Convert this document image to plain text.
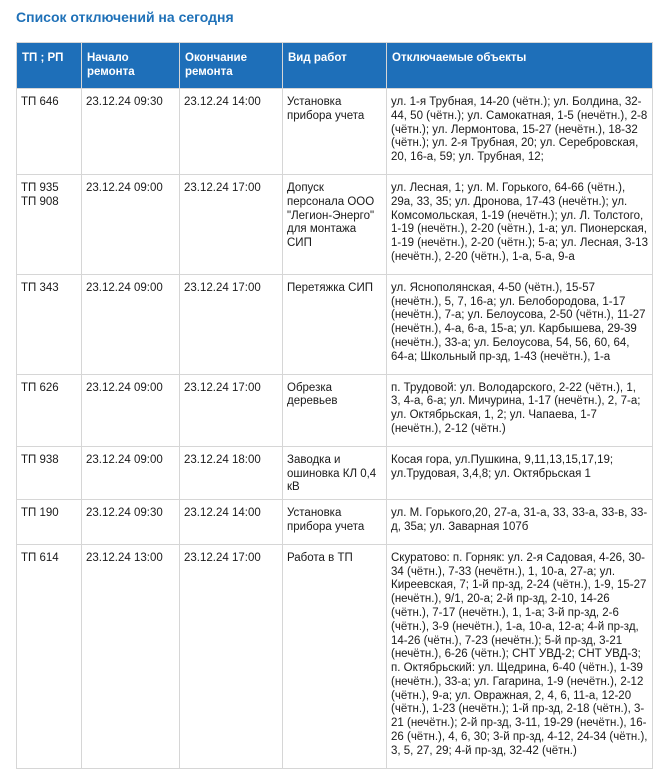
Список отключений на сегодня
ТП ; РП	Начало ремонта	Окончание ремонта	Вид работ	Отключаемые объекты
ТП 646	23.12.24 09:30	23.12.24 14:00	Установка прибора учета	ул. 1-я Трубная, 14-20 (чётн.); ул. Болдина, 32-44, 50 (чётн.); ул. Самокатная, 1-5 (нечётн.), 2-8 (чётн.); ул. Лермонтова, 15-27 (нечётн.), 18-32 (чётн.); ул. 2-я Трубная, 20; ул. Серебровская, 20, 16-а, 59; ул. Трубная, 12;
ТП 935 ТП 908	23.12.24 09:00	23.12.24 17:00	Допуск персонала ООО "Легион-Энерго" для монтажа СИП	ул. Лесная, 1; ул. М. Горького, 64-66 (чётн.), 29а, 33, 35; ул. Дронова, 17-43 (нечётн.); ул. Комсомольская, 1-19 (нечётн.); ул. Л. Толстого, 1-19 (нечётн.), 2-20 (чётн.), 1-а; ул. Пионерская, 1-19 (нечётн.), 2-20 (чётн.); 5-а; ул. Лесная, 3-13 (нечётн.), 2-20 (чётн.), 1-а, 5-а, 9-а
ТП 343	23.12.24 09:00	23.12.24 17:00	Перетяжка СИП	ул. Яснополянская, 4-50 (чётн.), 15-57 (нечётн.), 5, 7, 16-а; ул. Белобородова, 1-17 (нечётн.), 7-а; ул. Белоусова, 2-50 (чётн.), 11-27 (нечётн.), 4-а, 6-а, 15-а; ул. Карбышева, 29-39 (нечётн.), 33-а; ул. Белоусова, 54, 56, 60, 64, 64-а; Школьный пр-зд, 1-43 (нечётн.), 1-а
ТП 626	23.12.24 09:00	23.12.24 17:00	Обрезка деревьев	п. Трудовой: ул. Володарского, 2-22 (чётн.), 1, 3, 4-а, 6-а; ул. Мичурина, 1-17 (нечётн.), 2, 7-а; ул. Октябрьская, 1, 2; ул. Чапаева, 1-7 (нечётн.), 2-12 (чётн.)
ТП 938	23.12.24 09:00	23.12.24 18:00	Заводка и ошиновка КЛ 0,4 кВ	Косая гора, ул.Пушкина, 9,11,13,15,17,19; ул.Трудовая, 3,4,8; ул. Октябрьская 1
ТП 190	23.12.24 09:30	23.12.24 14:00	Установка прибора учета	ул. М. Горького,20, 27-а, 31-а, 33, 33-а, 33-в, 33-д, 35а; ул. Заварная 107б
ТП 614	23.12.24 13:00	23.12.24 17:00	Работа в ТП	Скуратово: п. Горняк: ул. 2-я Садовая, 4-26, 30-34 (чётн.), 7-33 (нечётн.), 1, 10-а, 27-а; ул. Киреевская, 7; 1-й пр-зд, 2-24 (чётн.), 1-9, 15-27 (нечётн.), 9/1, 20-а; 2-й пр-зд, 2-10, 14-26 (чётн.), 7-17 (нечётн.), 1, 1-а; 3-й пр-зд, 2-6 (чётн.), 3-9 (нечётн.), 1-а, 10-а, 12-а; 4-й пр-зд, 14-26 (чётн.), 7-23 (нечётн.); 5-й пр-зд, 3-21 (нечётн.), 6-26 (чётн.); СНТ УВД-2; СНТ УВД-3; п. Октябрьский: ул. Щедрина, 6-40 (чётн.), 1-39 (нечётн.), 33-а; ул. Гагарина, 1-9 (нечётн.), 2-12 (чётн.), 9-а; ул. Овражная, 2, 4, 6, 11-а, 12-20 (чётн.), 1-23 (нечётн.); 1-й пр-зд, 2-18 (чётн.), 3-21 (нечётн.); 2-й пр-зд, 3-11, 19-29 (нечётн.), 16-26 (чётн.), 4, 6, 30; 3-й пр-зд, 4-12, 24-34 (чётн.), 3, 5, 27, 29; 4-й пр-зд, 32-42 (чётн.)
